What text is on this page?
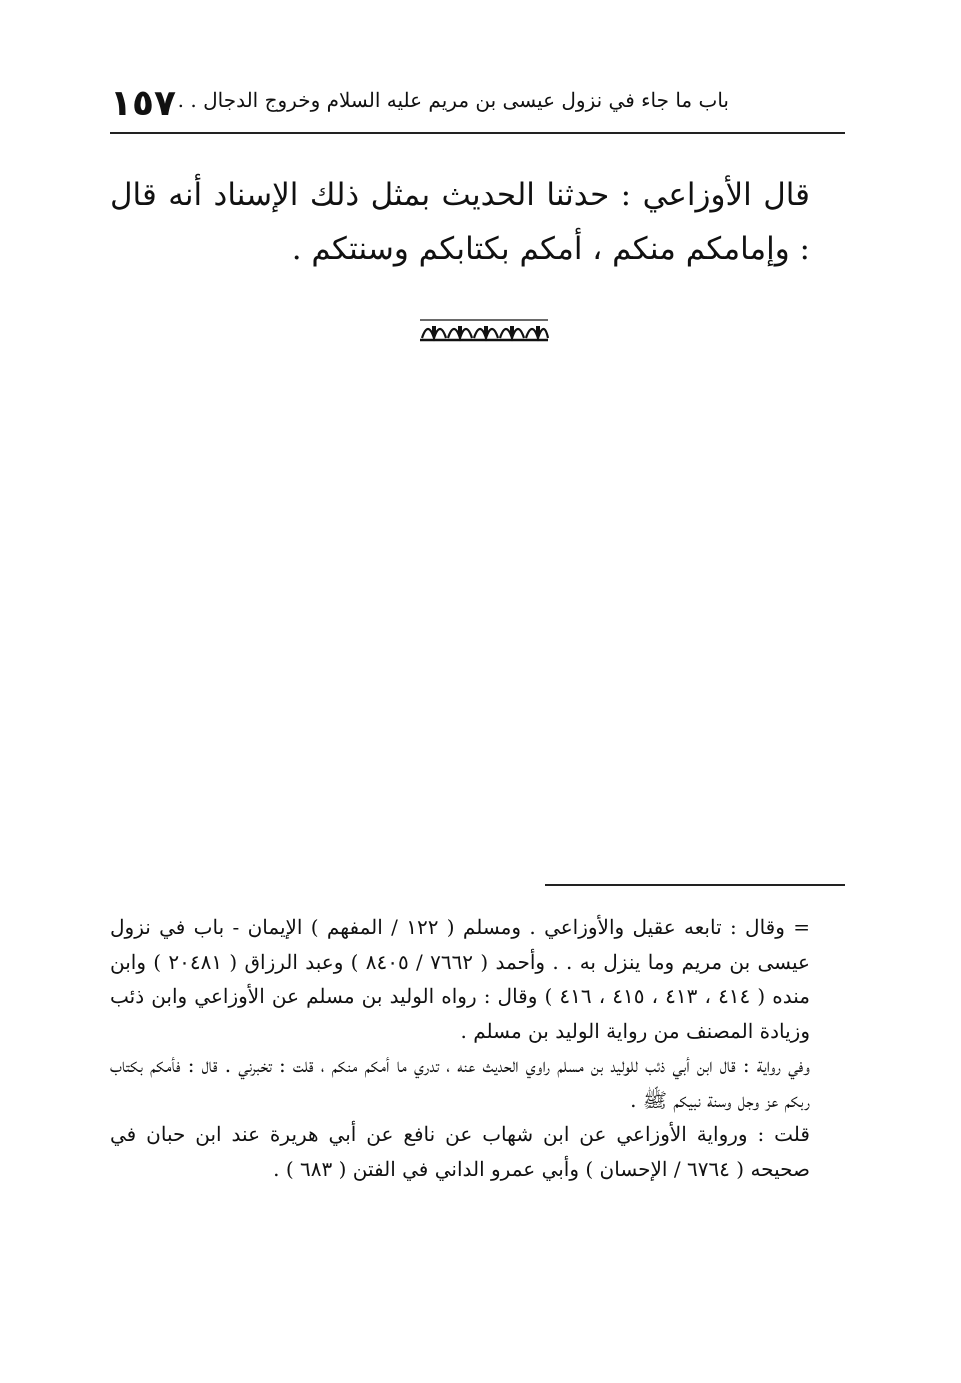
١٥٧ باب ما جاء في نزول عيسى بن مريم عليه السلام وخروج الدجال . .
قال الأوزاعي : حدثنا الحديث بمثل ذلك الإسناد أنه قال : وإمامكم منكم ، أمكم بكتابكم وسنتكم .

= وقال : تابعه عقيل والأوزاعي . ومسلم ( ١٢٢ / المفهم ) الإيمان - باب في نزول عيسى بن مريم وما ينزل به . . وأحمد ( ٧٦٦٢ / ٨٤٠٥ ) وعبد الرزاق ( ٢٠٤٨١ ) وابن منده ( ٤١٤ ، ٤١٣ ، ٤١٥ ، ٤١٦ ) وقال : رواه الوليد بن مسلم عن الأوزاعي وابن ذئب وزيادة المصنف من رواية الوليد بن مسلم .

وفي رواية : قال ابن أبي ذئب للوليد بن مسلم راوي الحديث عنه ، تدري ما أمكم منكم ، قلت : تخبرني . قال : فأمكم بكتاب ربكم عز وجل وسنة نبيكم ﷺ .

قلت : ورواية الأوزاعي عن ابن شهاب عن نافع عن أبي هريرة عند ابن حبان في صحيحه ( ٦٧٦٤ / الإحسان ) وأبي عمرو الداني في الفتن ( ٦٨٣ ) .
